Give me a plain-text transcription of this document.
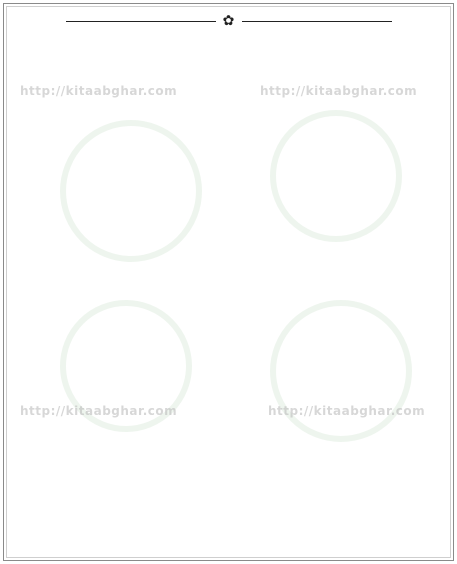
http://kitaabghar.com	http://kitaabghar.com
http://kitaabghar.com	http://kitaabghar.com

✿
